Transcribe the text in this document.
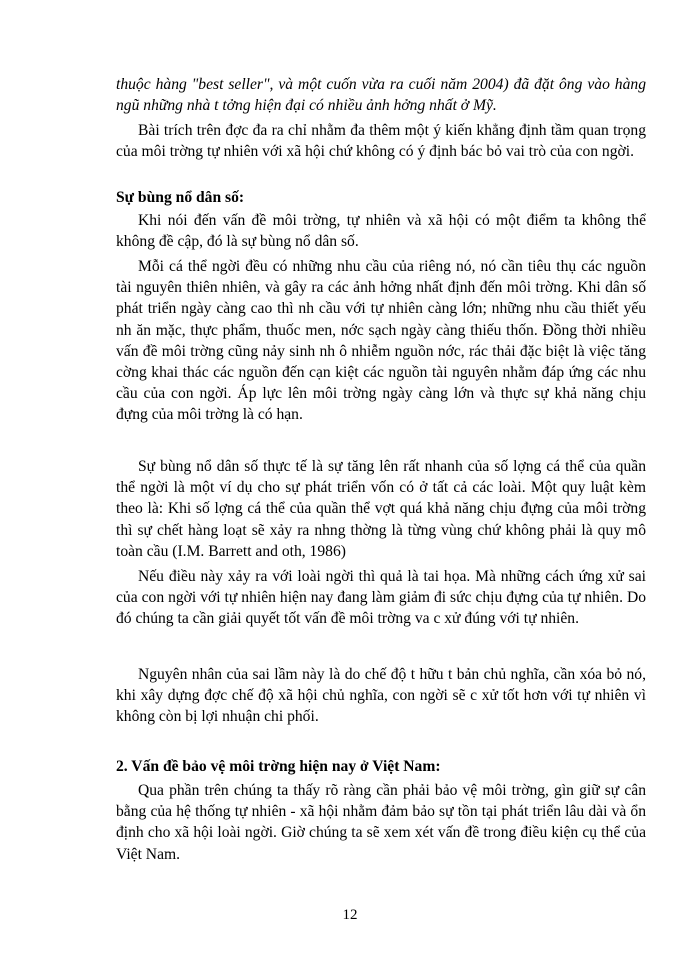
thuộc hàng "best seller", và một cuốn vừa ra cuối năm 2004) đã đặt ông vào hàng ngũ những nhà t tởng hiện đại có nhiều ảnh hởng nhất ở Mỹ.

Bài trích trên đợc đa ra chỉ nhằm đa thêm một ý kiến khẳng định tầm quan trọng của môi trờng tự nhiên với xã hội chứ không có ý định bác bỏ vai trò của con ngời.

Sự bùng nổ dân số:

Khi nói đến vấn đề môi trờng, tự nhiên và xã hội có một điểm ta không thể không đề cập, đó là sự bùng nổ dân số.

Mỗi cá thể ngời đều có những nhu cầu của riêng nó, nó cần tiêu thụ các nguồn tài nguyên thiên nhiên, và gây ra các ảnh hởng nhất định đến môi trờng. Khi dân số phát triển ngày càng cao thì nh cầu với tự nhiên càng lớn; những nhu cầu thiết yếu nh ăn mặc, thực phẩm, thuốc men, nớc sạch ngày càng thiếu thốn. Đồng thời nhiều vấn đề môi trờng cũng nảy sinh nh ô nhiễm nguồn nớc, rác thải đặc biệt là việc tăng cờng khai thác các nguồn đến cạn kiệt các nguồn tài nguyên nhằm đáp ứng các nhu cầu của con ngời. Áp lực lên môi trờng ngày càng lớn và thực sự khả năng chịu đựng của môi trờng là có hạn.

Sự bùng nổ dân số thực tế là sự tăng lên rất nhanh của số lợng cá thể của quần thể ngời là một ví dụ cho sự phát triển vốn có ở tất cả các loài. Một quy luật kèm theo là: Khi số lợng cá thể của quần thể vợt quá khả năng chịu đựng của môi trờng thì sự chết hàng loạt sẽ xảy ra nhng thờng là từng vùng chứ không phải là quy mô toàn cầu (I.M. Barrett and oth, 1986)

Nếu điều này xảy ra với loài ngời thì quả là tai họa. Mà những cách ứng xử sai của con ngời với tự nhiên hiện nay đang làm giảm đi sức chịu đựng của tự nhiên. Do đó chúng ta cần giải quyết tốt vấn đề môi trờng va c xử đúng với tự nhiên.

Nguyên nhân của sai lầm này là do chế độ t hữu t bản chủ nghĩa, cần xóa bỏ nó, khi xây dựng đợc chế độ xã hội chủ nghĩa, con ngời sẽ c xử tốt hơn với tự nhiên vì không còn bị lợi nhuận chi phối.

2. Vấn đề bảo vệ môi trờng hiện nay ở Việt Nam:

Qua phần trên chúng ta thấy rõ ràng cần phải bảo vệ môi trờng, gìn giữ sự cân bằng của hệ thống tự nhiên - xã hội nhằm đảm bảo sự tồn tại phát triển lâu dài và ổn định cho xã hội loài ngời. Giờ chúng ta sẽ xem xét vấn đề trong điều kiện cụ thể của Việt Nam.

12
